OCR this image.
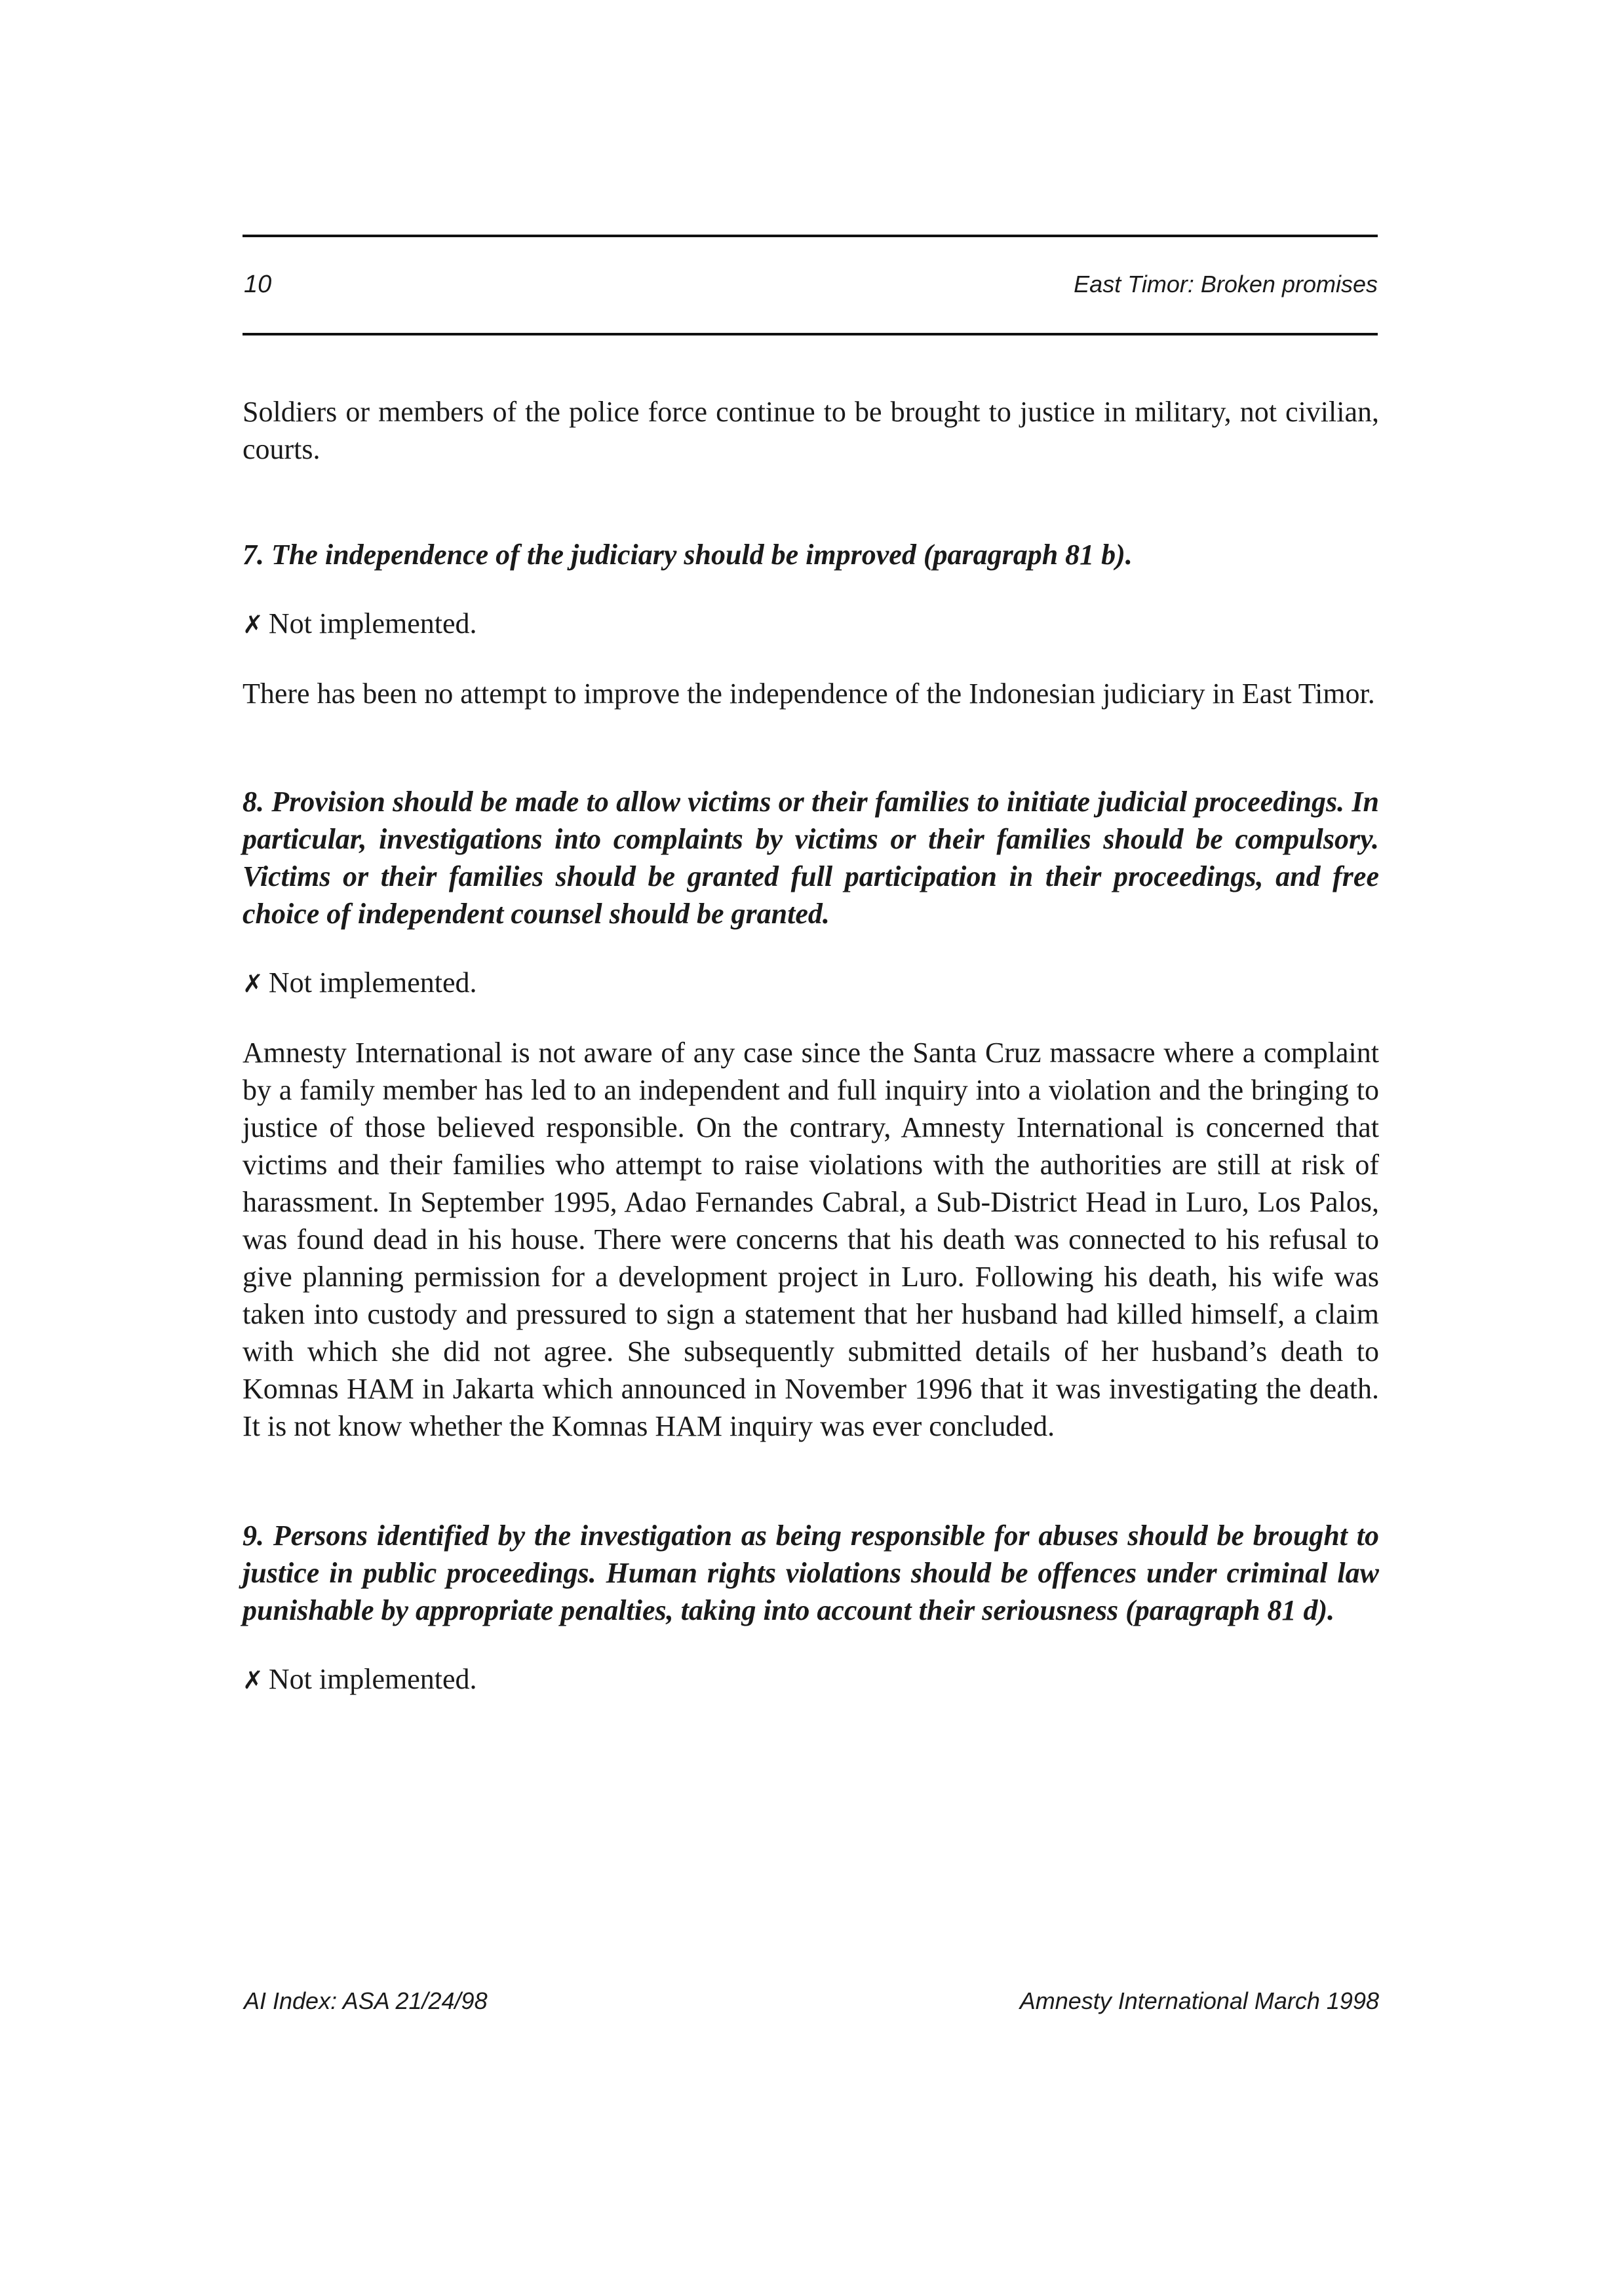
10	East Timor: Broken promises

Soldiers or members of the police force continue to be brought to justice in military, not civilian, courts.

7. The independence of the judiciary should be improved (paragraph 81 b).

✗ Not implemented.

There has been no attempt to improve the independence of the Indonesian judiciary in East Timor.

8. Provision should be made to allow victims or their families to initiate judicial proceedings. In particular, investigations into complaints by victims or their families should be compulsory. Victims or their families should be granted full participation in their proceedings, and free choice of independent counsel should be granted.

✗ Not implemented.

Amnesty International is not aware of any case since the Santa Cruz massacre where a complaint by a family member has led to an independent and full inquiry into a violation and the bringing to justice of those believed responsible. On the contrary, Amnesty International is concerned that victims and their families who attempt to raise violations with the authorities are still at risk of harassment. In September 1995, Adao Fernandes Cabral, a Sub-District Head in Luro, Los Palos, was found dead in his house. There were concerns that his death was connected to his refusal to give planning permission for a development project in Luro. Following his death, his wife was taken into custody and pressured to sign a statement that her husband had killed himself, a claim with which she did not agree. She subsequently submitted details of her husband’s death to Komnas HAM in Jakarta which announced in November 1996 that it was investigating the death. It is not know whether the Komnas HAM inquiry was ever concluded.

9. Persons identified by the investigation as being responsible for abuses should be brought to justice in public proceedings. Human rights violations should be offences under criminal law punishable by appropriate penalties, taking into account their seriousness (paragraph 81 d).

✗ Not implemented.

AI Index: ASA 21/24/98	Amnesty International March 1998
